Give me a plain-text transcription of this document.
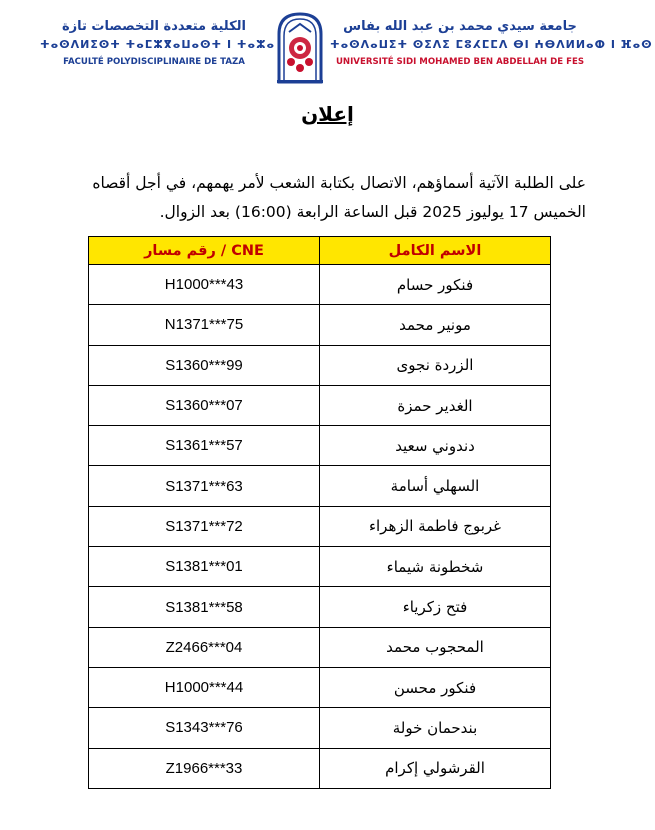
الكلية متعددة التخصصات تازة
ⵜⴰⵙⴷⵍⵉⵙⵜ ⵜⴰⵎⵣⴳⴰⵡⴰⵙⵜ ⵏ ⵜⴰⵣⴰ
FACULTÉ POLYDISCIPLINAIRE DE TAZA
جامعة سيدي محمد بن عبد الله بفاس
ⵜⴰⵙⴷⴰⵡⵉⵜ ⵙⵉⴷⵉ ⵎⵓⵃⵎⵎⴷ ⴱⵏ ⵄⴱⴷⵍⵍⴰⵀ ⵏ ⴼⴰⵙ
UNIVERSITÉ SIDI MOHAMED BEN ABDELLAH DE FES
إعلان
على الطلبة الآتية أسماؤهم، الاتصال بكتابة الشعب لأمر يهمهم، في أجل أقصاه الخميس 17 يوليوز 2025 قبل الساعة الرابعة (16:00) بعد الزوال.
رقم مسار / CNE	الاسم الكامل
H1000***43	فنكور حسام
N1371***75	مونير محمد
S1360***99	الزردة نجوى
S1360***07	الغدير حمزة
S1361***57	دندوني سعيد
S1371***63	السهلي أسامة
S1371***72	غربوج فاطمة الزهراء
S1381***01	شخطونة شيماء
S1381***58	فتح زكرياء
Z2466***04	المحجوب محمد
H1000***44	فنكور محسن
S1343***76	بندحمان خولة
Z1966***33	القرشولي إكرام
